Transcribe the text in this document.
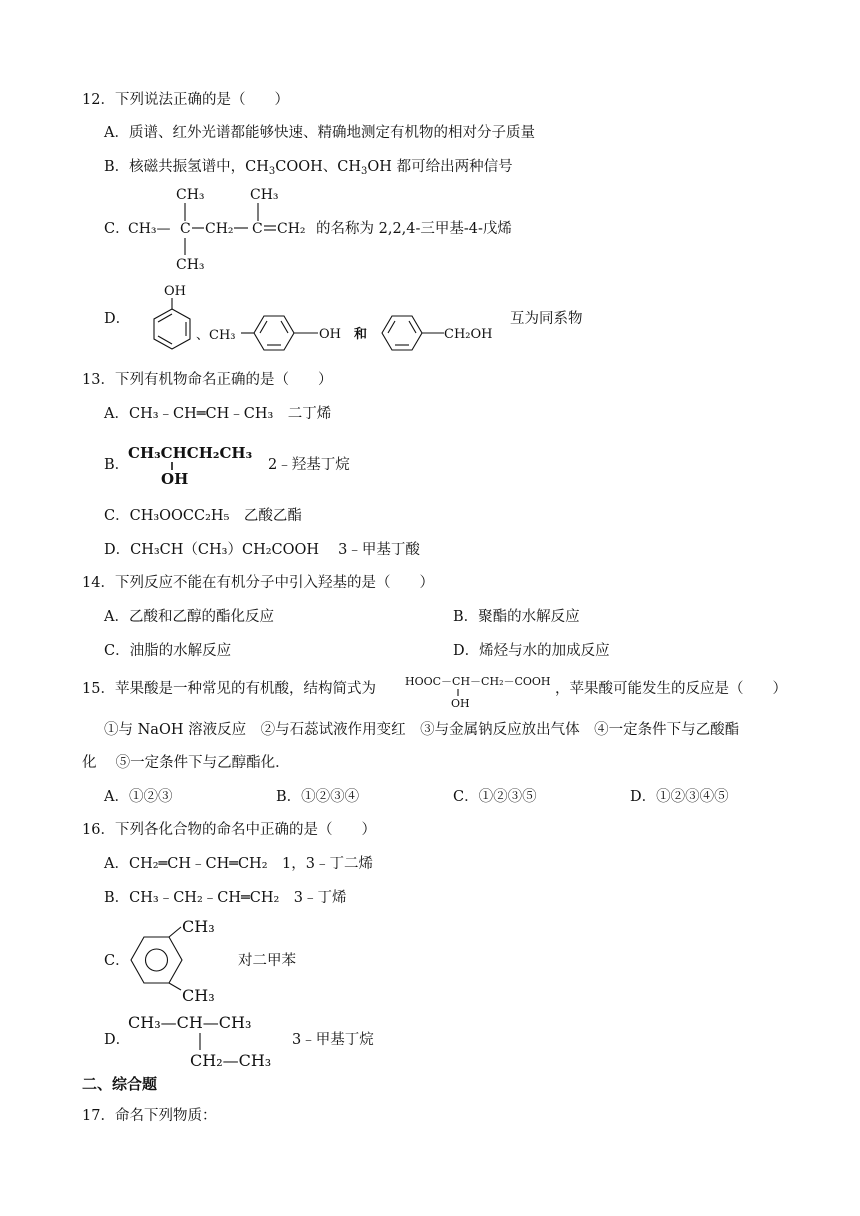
12．下列说法正确的是（　　）
A．质谱、红外光谱都能够快速、精确地测定有机物的相对分子质量
B．核磁共振氢谱中，$CH_3COOH$、$CH_3OH$ 都可给出两种信号
C．
CH₃
CH₃— C CH₂
CH₃
C CH₂
CH₃
的名称为 2,2,4-三甲基-4-戊烯
D．
OH
、CH₃	OH 和	CH₂OH
互为同系物
13．下列有机物命名正确的是（　　）
A．CH₃﹣CH═CH﹣CH₃　二丁烯
B．
CH₃CHCH₂CH₃
OH
2﹣羟基丁烷
C．CH₃OOCC₂H₅　乙酸乙酯
D．CH₃CH（CH₃）CH₂COOH　 3﹣甲基丁酸
14．下列反应不能在有机分子中引入羟基的是（　　）
A．乙酸和乙醇的酯化反应	B．聚酯的水解反应
C．油脂的水解反应	D．烯烃与水的加成反应
15．苹果酸是一种常见的有机酸，结构简式为	HOOC－CH－CH₂－COOH
OH
，苹果酸可能发生的反应是（　　）
①与 NaOH 溶液反应　②与石蕊试液作用变红　③与金属钠反应放出气体　④一定条件下与乙酸酯
化　 ⑤一定条件下与乙醇酯化．
A．①②③	B．①②③④	C．①②③⑤	D．①②③④⑤
16．下列各化合物的命名中正确的是（　　）
A．CH₂═CH﹣CH═CH₂　1，3﹣丁二烯
B．CH₃﹣CH₂﹣CH═CH₂　3﹣丁烯
C．
CH₃
CH₃
对二甲苯
D．
CH₃—CH—CH₃
CH₂—CH₃
3﹣甲基丁烷
二、综合题
17．命名下列物质：
